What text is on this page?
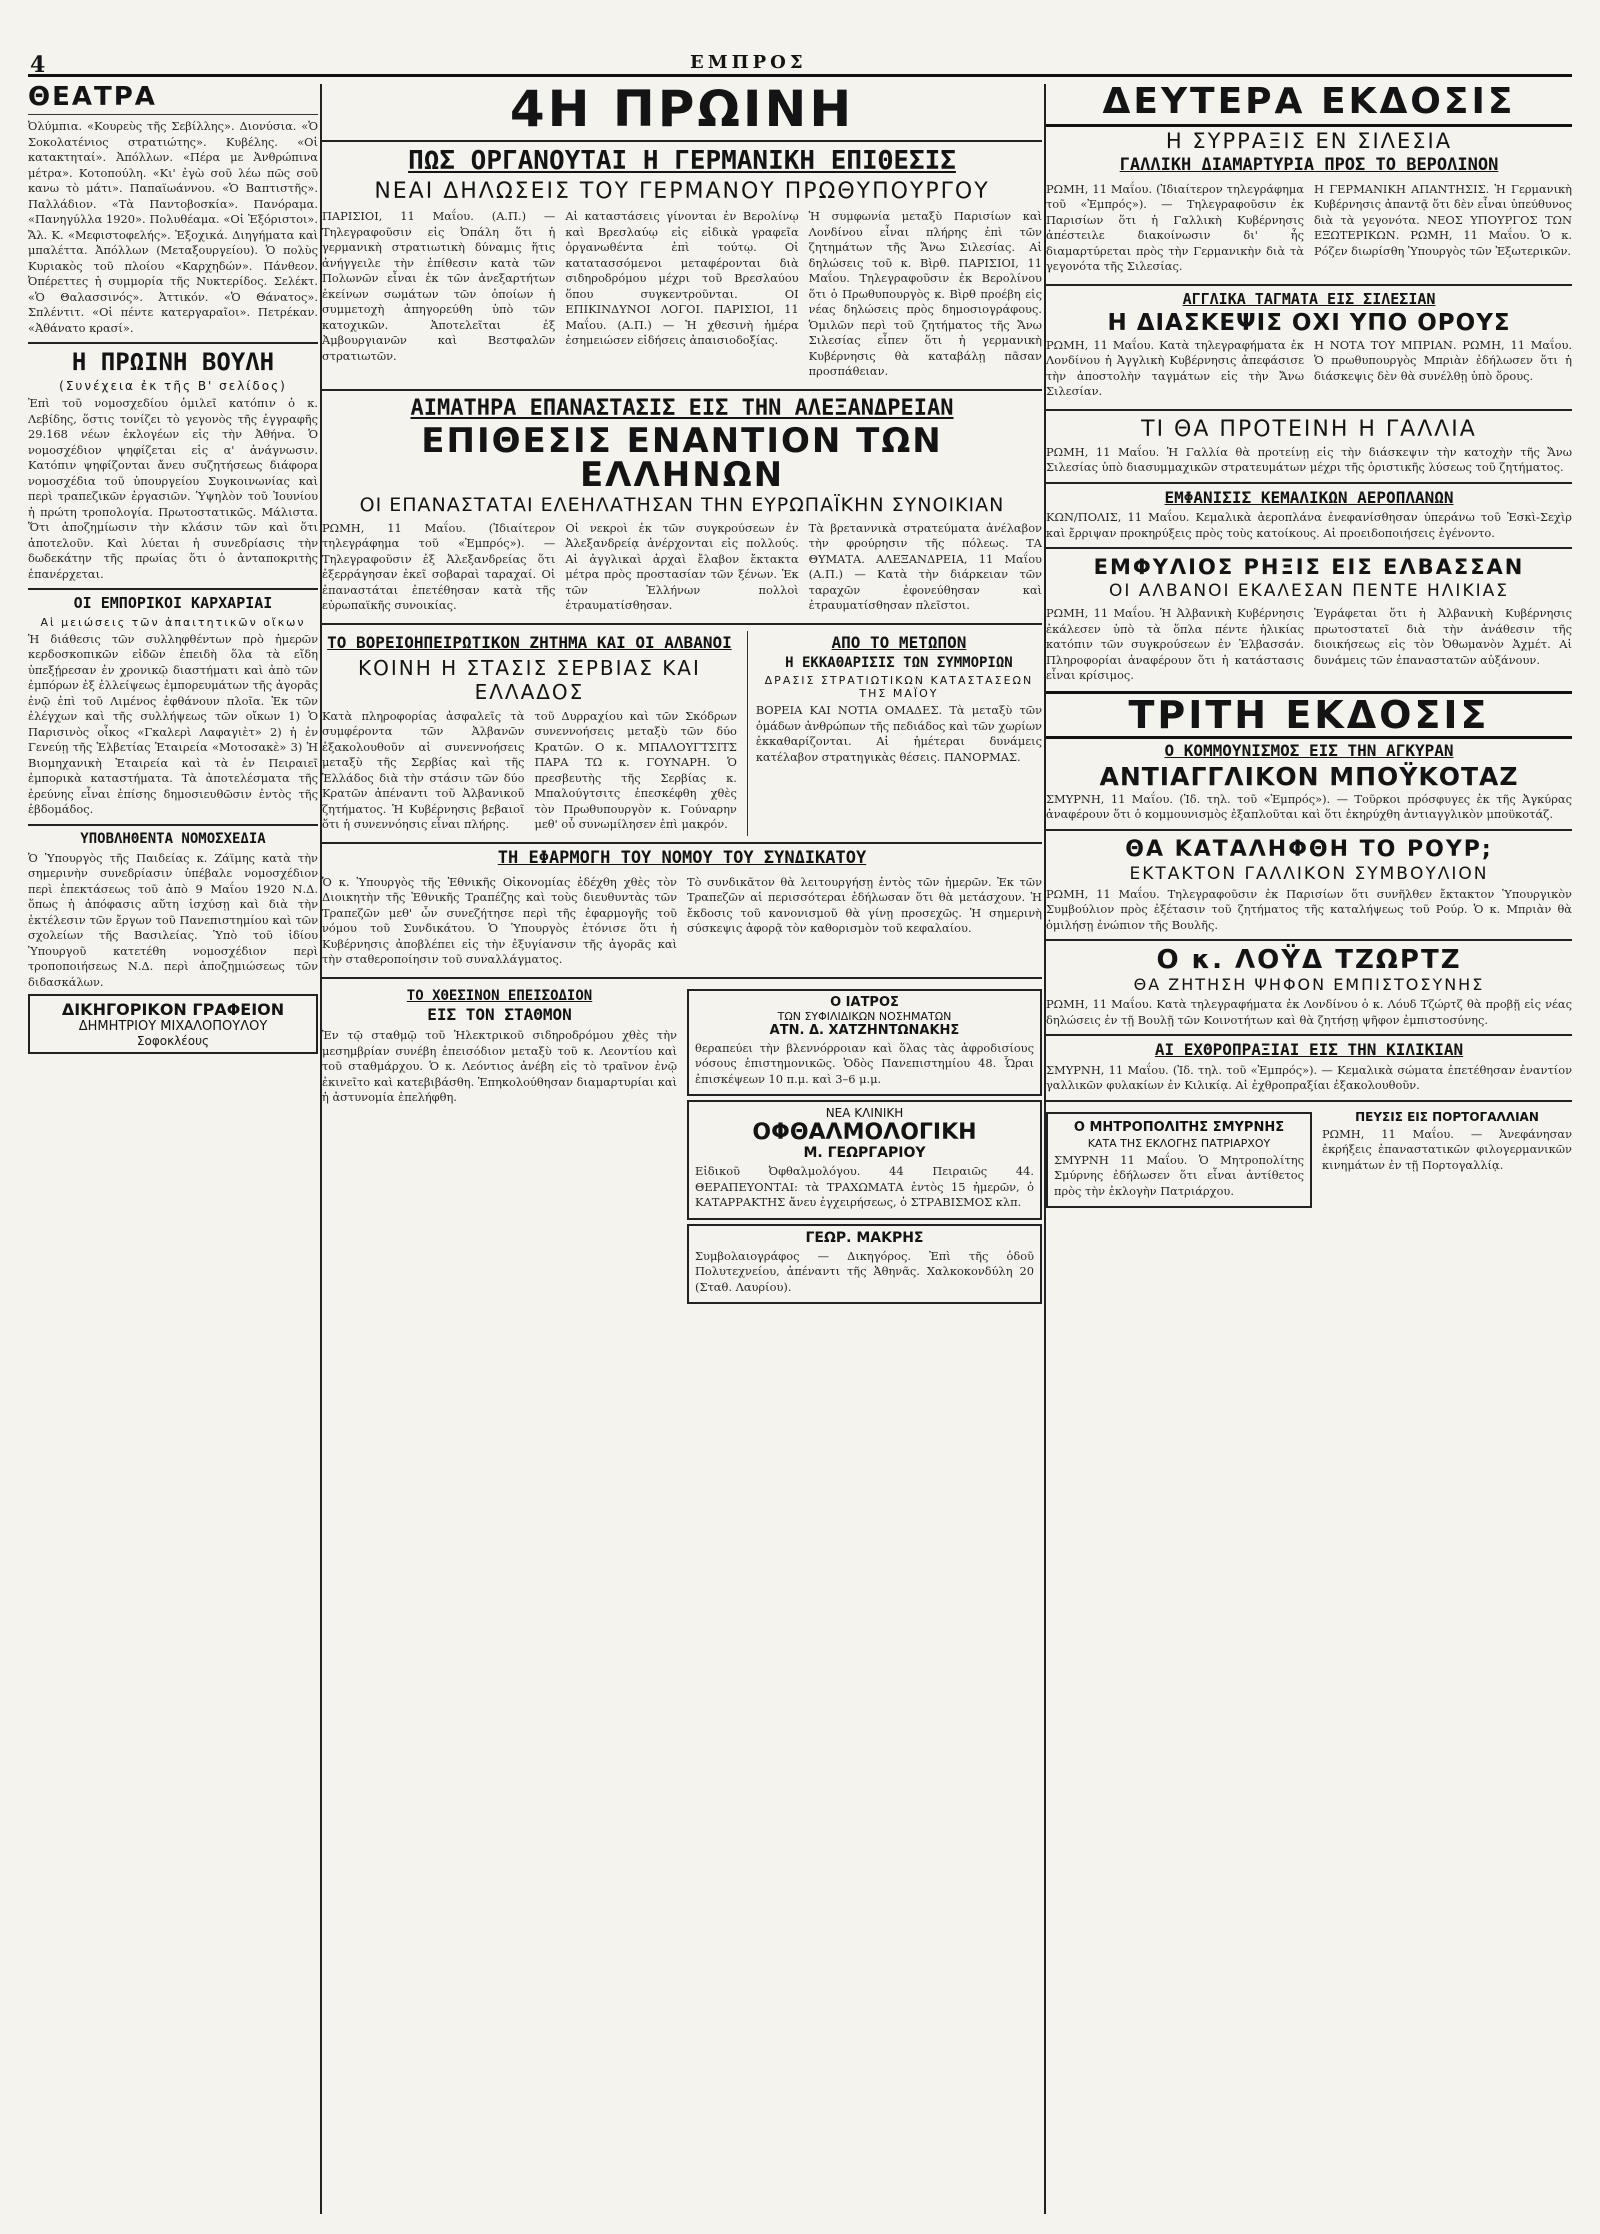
4	ΕΜΠΡΟΣ
ΘΕΑΤΡΑ

Ὀλύμπια. «Κουρεὺς τῆς Σεβίλλης». Διονύσια. «Ὁ Σοκολατένιος στρατιώτης». Κυβέλης. «Οἱ κατακτηταί». Ἀπόλλων. «Πέρα με Ἀνθρώπινα μέτρα». Κοτοπούλη. «Κι' ἐγὼ σοῦ λέω πῶς σοῦ κανω τὸ μάτι». Παπαϊωάννου. «Ὁ Βαπτιστῆς». Παλλάδιον. «Τὰ Παντοβοσκία». Πανόραμα. «Πανηγύλλα 1920». Πολυθέαμα. «Οἱ Ἐξόριστοι». Ἄλ. Κ. «Μεφιστοφελής». Ἐξοχικά. Διηγήματα καὶ μπαλέττα. Ἀπόλλων (Μεταξουργείου). Ὁ πολὺς Κυριακὸς τοῦ πλοίου «Καρχηδών». Πάνθεον. Ὀπέρεττες ἡ συμμορία τῆς Νυκτερίδος. Σελέκτ. «Ὁ Θαλασσινός». Ἀττικόν. «Ὁ Θάνατος». Σπλέντιτ. «Οἱ πέντε κατεργαραῖοι». Πετρέκαν. «Ἀθάνατο κρασί».

Η ΠΡΩΙΝΗ ΒΟΥΛΗ
(Συνέχεια ἐκ τῆς Β' σελίδος)

Ἐπὶ τοῦ νομοσχεδίου ὁμιλεῖ κατόπιν ὁ κ. Λεβίδης, ὅστις τονίζει τὸ γεγονὸς τῆς ἐγγραφῆς 29.168 νέων ἐκλογέων εἰς τὴν Ἀθήνα. Ὁ νομοσχέδιον ψηφίζεται εἰς α' ἀνάγνωσιν. Κατόπιν ψηφίζονται ἄνευ συζητήσεως διάφορα νομοσχέδια τοῦ ὑπουργείου Συγκοινωνίας καὶ περὶ τραπεζικῶν ἐργασιῶν. Ὑψηλὸν τοῦ Ἰουνίου ἡ πρώτη τροπολογία. Πρωτοστατικῶς. Μάλιστα. Ὅτι ἀποζημίωσιν τὴν κλάσιν τῶν καὶ ὅτι ἀποτελοῦν. Καὶ λύεται ἡ συνεδρίασις τὴν δωδεκάτην τῆς πρωίας ὅτι ὁ ἀνταποκριτὴς ἐπανέρχεται.

ΟΙ ΕΜΠΟΡΙΚΟΙ ΚΑΡΧΑΡΙΑΙ
Αἱ μειώσεις τῶν ἀπαιτητικῶν οἴκων

Ἡ διάθεσις τῶν συλληφθέντων πρὸ ἡμερῶν κερδοσκοπικῶν εἰδῶν ἐπειδὴ ὅλα τὰ εἴδη ὑπεξῄρεσαν ἐν χρονικῷ διαστήματι καὶ ἀπὸ τῶν ἐμπόρων ἐξ ἐλλείψεως ἐμπορευμάτων τῆς ἀγορᾶς ἐνῷ ἐπὶ τοῦ Λιμένος ἐφθάνουν πλοῖα. Ἐκ τῶν ἐλέγχων καὶ τῆς συλλήψεως τῶν οἴκων 1) Ὁ Παρισινὸς οἶκος «Γκαλερὶ Λαφαγιὲτ» 2) ἡ ἐν Γενεύῃ τῆς Ἑλβετίας Ἑταιρεία «Μοτοσακὲ» 3) Ἡ Βιομηχανικὴ Ἑταιρεία καὶ τὰ ἐν Πειραιεῖ ἐμπορικὰ καταστήματα. Τὰ ἀποτελέσματα τῆς ἐρεύνης εἶναι ἐπίσης δημοσιευθῶσιν ἐντὸς τῆς ἑβδομάδος.

ΥΠΟΒΛΗΘΕΝΤΑ ΝΟΜΟΣΧΕΔΙΑ

Ὁ Ὑπουργὸς τῆς Παιδείας κ. Ζάϊμης κατὰ τὴν σημερινὴν συνεδρίασιν ὑπέβαλε νομοσχέδιον περὶ ἐπεκτάσεως τοῦ ἀπὸ 9 Μαΐου 1920 Ν.Δ. ὅπως ἡ ἀπόφασις αὕτη ἰσχύσῃ καὶ διὰ τὴν ἐκτέλεσιν τῶν ἔργων τοῦ Πανεπιστημίου καὶ τῶν σχολείων τῆς Βασιλείας. Ὑπὸ τοῦ ἰδίου Ὑπουργοῦ κατετέθη νομοσχέδιον περὶ τροποποιήσεως Ν.Δ. περὶ ἀποζημιώσεως τῶν διδασκάλων.

ΔΙΚΗΓΟΡΙΚΟΝ ΓΡΑΦΕΙΟΝ
ΔΗΜΗΤΡΙΟΥ ΜΙΧΑΛΟΠΟΥΛΟΥ
Σοφοκλέους
4Η ΠΡΩΙΝΗ
ΠΩΣ ΟΡΓΑΝΟΥΤΑΙ Η ΓΕΡΜΑΝΙΚΗ ΕΠΙΘΕΣΙΣ
ΝΕΑΙ ΔΗΛΩΣΕΙΣ ΤΟΥ ΓΕΡΜΑΝΟΥ ΠΡΩΘΥΠΟΥΡΓΟΥ

ΠΑΡΙΣΙΟΙ, 11 Μαΐου. (Α.Π.) — Τηλεγραφοῦσιν εἰς Ὀπάλη ὅτι ἡ γερμανικὴ στρατιωτικὴ δύναμις ἥτις ἀνήγγειλε τὴν ἐπίθεσιν κατὰ τῶν Πολωνῶν εἶναι ἐκ τῶν ἀνεξαρτήτων ἐκείνων σωμάτων τῶν ὁποίων ἡ συμμετοχὴ ἀπηγορεύθη ὑπὸ τῶν κατοχικῶν. Ἀποτελεῖται ἐξ Ἀμβουργιανῶν καὶ Βεστφαλῶν στρατιωτῶν.

Αἱ καταστάσεις γίνονται ἐν Βερολίνῳ καὶ Βρεσλαύῳ εἰς εἰδικὰ γραφεῖα ὀργανωθέντα ἐπὶ τούτῳ. Οἱ κατατασσόμενοι μεταφέρονται διὰ σιδηροδρόμου μέχρι τοῦ Βρεσλαύου ὅπου συγκεντροῦνται. ΟΙ ΕΠΙΚΙΝΔΥΝΟΙ ΛΟΓΟΙ. ΠΑΡΙΣΙΟΙ, 11 Μαΐου. (Α.Π.) — Ἡ χθεσινὴ ἡμέρα ἐσημειώσεν εἰδήσεις ἀπαισιοδοξίας.

Ἡ συμφωνία μεταξὺ Παρισίων καὶ Λονδίνου εἶναι πλήρης ἐπὶ τῶν ζητημάτων τῆς Ἄνω Σιλεσίας. Αἱ δηλώσεις τοῦ κ. Βὶρθ. ΠΑΡΙΣΙΟΙ, 11 Μαΐου. Τηλεγραφοῦσιν ἐκ Βερολίνου ὅτι ὁ Πρωθυπουργὸς κ. Βὶρθ προέβη εἰς νέας δηλώσεις πρὸς δημοσιογράφους. Ὁμιλῶν περὶ τοῦ ζητήματος τῆς Ἄνω Σιλεσίας εἶπεν ὅτι ἡ γερμανικὴ Κυβέρνησις θὰ καταβάλῃ πᾶσαν προσπάθειαν.

ΑΙΜΑΤΗΡΑ ΕΠΑΝΑΣΤΑΣΙΣ ΕΙΣ ΤΗΝ ΑΛΕΞΑΝΔΡΕΙΑΝ
ΕΠΙΘΕΣΙΣ ΕΝΑΝΤΙΟΝ ΤΩΝ ΕΛΛΗΝΩΝ
ΟΙ ΕΠΑΝΑΣΤΑΤΑΙ ΕΛΕΗΛΑΤΗΣΑΝ ΤΗΝ ΕΥΡΩΠΑΪΚΗΝ ΣΥΝΟΙΚΙΑΝ

ΡΩΜΗ, 11 Μαΐου. (Ἰδιαίτερον τηλεγράφημα τοῦ «Ἐμπρός»). — Τηλεγραφοῦσιν ἐξ Ἀλεξανδρείας ὅτι ἐξερράγησαν ἐκεῖ σοβαραὶ ταραχαί. Οἱ ἐπαναστάται ἐπετέθησαν κατὰ τῆς εὐρωπαϊκῆς συνοικίας.

Οἱ νεκροὶ ἐκ τῶν συγκρούσεων ἐν Ἀλεξανδρείᾳ ἀνέρχονται εἰς πολλούς. Αἱ ἀγγλικαὶ ἀρχαὶ ἔλαβον ἔκτακτα μέτρα πρὸς προστασίαν τῶν ξένων. Ἐκ τῶν Ἑλλήνων πολλοὶ ἐτραυματίσθησαν.

Τὰ βρεταννικὰ στρατεύματα ἀνέλαβον τὴν φρούρησιν τῆς πόλεως. ΤΑ ΘΥΜΑΤΑ. ΑΛΕΞΑΝΔΡΕΙΑ, 11 Μαΐου (Α.Π.) — Κατὰ τὴν διάρκειαν τῶν ταραχῶν ἐφονεύθησαν καὶ ἐτραυματίσθησαν πλεῖστοι.

ΤΟ ΒΟΡΕΙΟΗΠΕΙΡΩΤΙΚΟΝ ΖΗΤΗΜΑ ΚΑΙ ΟΙ ΑΛΒΑΝΟΙ
ΚΟΙΝΗ Η ΣΤΑΣΙΣ ΣΕΡΒΙΑΣ ΚΑΙ ΕΛΛΑΔΟΣ

Κατὰ πληροφορίας ἀσφαλεῖς τὰ συμφέροντα τῶν Ἀλβανῶν ἐξακολουθοῦν αἱ συνεννοήσεις μεταξὺ τῆς Σερβίας καὶ τῆς Ἑλλάδος διὰ τὴν στάσιν τῶν δύο Κρατῶν ἀπέναντι τοῦ Ἀλβανικοῦ ζητήματος. Ἡ Κυβέρνησις βεβαιοῖ ὅτι ἡ συνεννόησις εἶναι πλήρης.

τοῦ Δυρραχίου καὶ τῶν Σκόδρων συνεννοήσεις μεταξὺ τῶν δύο Κρατῶν. Ο κ. ΜΠΑΛΟΥΓΤΣΙΤΣ ΠΑΡΑ ΤΩ κ. ΓΟΥΝΑΡΗ. Ὁ πρεσβευτὴς τῆς Σερβίας κ. Μπαλούγτσιτς ἐπεσκέφθη χθὲς τὸν Πρωθυπουργὸν κ. Γούναρην μεθ' οὗ συνωμίλησεν ἐπὶ μακρόν.

ΑΠΟ ΤΟ ΜΕΤΩΠΟΝ
Η ΕΚΚΑΘΑΡΙΣΙΣ ΤΩΝ ΣΥΜΜΟΡΙΩΝ
ΔΡΑΣΙΣ ΣΤΡΑΤΙΩΤΙΚΩΝ ΚΑΤΑΣΤΑΣΕΩΝ ΤΗΣ ΜΑΪΟΥ

ΒΟΡΕΙΑ ΚΑΙ ΝΟΤΙΑ ΟΜΑΔΕΣ. Τὰ μεταξὺ τῶν ὁμάδων ἀνθρώπων τῆς πεδιάδος καὶ τῶν χωρίων ἐκκαθαρίζονται. Αἱ ἡμέτεραι δυνάμεις κατέλαβον στρατηγικὰς θέσεις. ΠΑΝΟΡΜΑΣ.

ΤΗ ΕΦΑΡΜΟΓΗ ΤΟΥ ΝΟΜΟΥ ΤΟΥ ΣΥΝΔΙΚΑΤΟΥ

Ὁ κ. Ὑπουργὸς τῆς Ἐθνικῆς Οἰκονομίας ἐδέχθη χθὲς τὸν Διοικητὴν τῆς Ἐθνικῆς Τραπέζης καὶ τοὺς διευθυντὰς τῶν Τραπεζῶν μεθ' ὧν συνεζήτησε περὶ τῆς ἐφαρμογῆς τοῦ νόμου τοῦ Συνδικάτου. Ὁ Ὑπουργὸς ἐτόνισε ὅτι ἡ Κυβέρνησις ἀποβλέπει εἰς τὴν ἐξυγίανσιν τῆς ἀγορᾶς καὶ τὴν σταθεροποίησιν τοῦ συναλλάγματος.

Τὸ συνδικᾶτον θὰ λειτουργήσῃ ἐντὸς τῶν ἡμερῶν. Ἐκ τῶν Τραπεζῶν αἱ περισσότεραι ἐδήλωσαν ὅτι θὰ μετάσχουν. Ἡ ἔκδοσις τοῦ κανονισμοῦ θὰ γίνῃ προσεχῶς. Ἡ σημερινὴ σύσκεψις ἀφορᾷ τὸν καθορισμὸν τοῦ κεφαλαίου.

ΤΟ ΧΘΕΣΙΝΟΝ ΕΠΕΙΣΟΔΙΟΝ
ΕΙΣ ΤΟΝ ΣΤΑΘΜΟΝ

Ἐν τῷ σταθμῷ τοῦ Ἠλεκτρικοῦ σιδηροδρόμου χθὲς τὴν μεσημβρίαν συνέβη ἐπεισόδιον μεταξὺ τοῦ κ. Λεοντίου καὶ τοῦ σταθμάρχου. Ὁ κ. Λεόντιος ἀνέβη εἰς τὸ τραῖνον ἐνῷ ἐκινεῖτο καὶ κατεβιβάσθη. Ἐπηκολούθησαν διαμαρτυρίαι καὶ ἡ ἀστυνομία ἐπελήφθη.

Ο ΙΑΤΡΟΣ
ΤΩΝ ΣΥΦΙΛΙΔΙΚΩΝ ΝΟΣΗΜΑΤΩΝ
ΑΤΝ. Δ. ΧΑΤΖΗΝΤΩΝΑΚΗΣ

θεραπεύει τὴν βλεννόρροιαν καὶ ὅλας τὰς ἀφροδισίους νόσους ἐπιστημονικῶς. Ὁδὸς Πανεπιστημίου 48. Ὧραι ἐπισκέψεων 10 π.μ. καὶ 3–6 μ.μ.

ΝΕΑ ΚΛΙΝΙΚΗ
ΟΦΘΑΛΜΟΛΟΓΙΚΗ
Μ. ΓΕΩΡΓΑΡΙΟΥ

Εἰδικοῦ Ὀφθαλμολόγου. 44 Πειραιῶς 44. ΘΕΡΑΠΕΥΟΝΤΑΙ: τὰ ΤΡΑΧΩΜΑΤΑ ἐντὸς 15 ἡμερῶν, ὁ ΚΑΤΑΡΡΑΚΤΗΣ ἄνευ ἐγχειρήσεως, ὁ ΣΤΡΑΒΙΣΜΟΣ κλπ.

ΓΕΩΡ. ΜΑΚΡΗΣ

Συμβολαιογράφος — Δικηγόρος. Ἐπὶ τῆς ὁδοῦ Πολυτεχνείου, ἀπέναντι τῆς Ἀθηνᾶς. Χαλκοκονδύλη 20 (Σταθ. Λαυρίου).

ΔΕΥΤΕΡΑ ΕΚΔΟΣΙΣ
Η ΣΥΡΡΑΞΙΣ ΕΝ ΣΙΛΕΣΙΑ
ΓΑΛΛΙΚΗ ΔΙΑΜΑΡΤΥΡΙΑ ΠΡΟΣ ΤΟ ΒΕΡΟΛΙΝΟΝ

ΡΩΜΗ, 11 Μαΐου. (Ἰδιαίτερον τηλεγράφημα τοῦ «Ἐμπρός»). — Τηλεγραφοῦσιν ἐκ Παρισίων ὅτι ἡ Γαλλικὴ Κυβέρνησις ἀπέστειλε διακοίνωσιν δι' ἧς διαμαρτύρεται πρὸς τὴν Γερμανικὴν διὰ τὰ γεγονότα τῆς Σιλεσίας.

Η ΓΕΡΜΑΝΙΚΗ ΑΠΑΝΤΗΣΙΣ. Ἡ Γερμανικὴ Κυβέρνησις ἀπαντᾷ ὅτι δὲν εἶναι ὑπεύθυνος διὰ τὰ γεγονότα. ΝΕΟΣ ΥΠΟΥΡΓΟΣ ΤΩΝ ΕΞΩΤΕΡΙΚΩΝ. ΡΩΜΗ, 11 Μαΐου. Ὁ κ. Ρόζεν διωρίσθη Ὑπουργὸς τῶν Ἐξωτερικῶν.

ΑΓΓΛΙΚΑ ΤΑΓΜΑΤΑ ΕΙΣ ΣΙΛΕΣΙΑΝ
Η ΔΙΑΣΚΕΨΙΣ ΟΧΙ ΥΠΟ ΟΡΟΥΣ

ΡΩΜΗ, 11 Μαΐου. Κατὰ τηλεγραφήματα ἐκ Λονδίνου ἡ Ἀγγλικὴ Κυβέρνησις ἀπεφάσισε τὴν ἀποστολὴν ταγμάτων εἰς τὴν Ἄνω Σιλεσίαν.

Η ΝΟΤΑ ΤΟΥ ΜΠΡΙΑΝ. ΡΩΜΗ, 11 Μαΐου. Ὁ πρωθυπουργὸς Μπριὰν ἐδήλωσεν ὅτι ἡ διάσκεψις δὲν θὰ συνέλθῃ ὑπὸ ὅρους.

ΤΙ ΘΑ ΠΡΟΤΕΙΝΗ Η ΓΑΛΛΙΑ

ΡΩΜΗ, 11 Μαΐου. Ἡ Γαλλία θὰ προτείνῃ εἰς τὴν διάσκεψιν τὴν κατοχὴν τῆς Ἄνω Σιλεσίας ὑπὸ διασυμμαχικῶν στρατευμάτων μέχρι τῆς ὁριστικῆς λύσεως τοῦ ζητήματος.

ΕΜΦΑΝΙΣΙΣ ΚΕΜΑΛΙΚΩΝ ΑΕΡΟΠΛΑΝΩΝ

ΚΩΝ/ΠΟΛΙΣ, 11 Μαΐου. Κεμαλικὰ ἀεροπλάνα ἐνεφανίσθησαν ὑπεράνω τοῦ Ἐσκὶ-Σεχὶρ καὶ ἔρριψαν προκηρύξεις πρὸς τοὺς κατοίκους. Αἱ προειδοποιήσεις ἐγένοντο.

ΕΜΦΥΛΙΟΣ ΡΗΞΙΣ ΕΙΣ ΕΛΒΑΣΣΑΝ
ΟΙ ΑΛΒΑΝΟΙ ΕΚΑΛΕΣΑΝ ΠΕΝΤΕ ΗΛΙΚΙΑΣ

ΡΩΜΗ, 11 Μαΐου. Ἡ Ἀλβανικὴ Κυβέρνησις ἐκάλεσεν ὑπὸ τὰ ὅπλα πέντε ἡλικίας κατόπιν τῶν συγκρούσεων ἐν Ἐλβασσάν. Πληροφορίαι ἀναφέρουν ὅτι ἡ κατάστασις εἶναι κρίσιμος.

Ἐγράφεται ὅτι ἡ Ἀλβανικὴ Κυβέρνησις πρωτοστατεῖ διὰ τὴν ἀνάθεσιν τῆς διοικήσεως εἰς τὸν Ὀθωμανὸν Ἀχμέτ. Αἱ δυνάμεις τῶν ἐπαναστατῶν αὐξάνουν.

ΤΡΙΤΗ ΕΚΔΟΣΙΣ
Ο ΚΟΜΜΟΥΝΙΣΜΟΣ ΕΙΣ ΤΗΝ ΑΓΚΥΡΑΝ
ΑΝΤΙΑΓΓΛΙΚΟΝ ΜΠΟΫΚΟΤΑΖ

ΣΜΥΡΝΗ, 11 Μαΐου. (Ἰδ. τηλ. τοῦ «Ἐμπρός»). — Τοῦρκοι πρόσφυγες ἐκ τῆς Ἀγκύρας ἀναφέρουν ὅτι ὁ κομμουνισμὸς ἐξαπλοῦται καὶ ὅτι ἐκηρύχθη ἀντιαγγλικὸν μποϋκοτάζ.

ΘΑ ΚΑΤΑΛΗΦΘΗ ΤΟ ΡΟΥΡ;
ΕΚΤΑΚΤΟΝ ΓΑΛΛΙΚΟΝ ΣΥΜΒΟΥΛΙΟΝ

ΡΩΜΗ, 11 Μαΐου. Τηλεγραφοῦσιν ἐκ Παρισίων ὅτι συνῆλθεν ἔκτακτον Ὑπουργικὸν Συμβούλιον πρὸς ἐξέτασιν τοῦ ζητήματος τῆς καταλήψεως τοῦ Ρούρ. Ὁ κ. Μπριὰν θὰ ὁμιλήσῃ ἐνώπιον τῆς Βουλῆς.

Ο κ. ΛΟΫΔ ΤΖΩΡΤΖ
ΘΑ ΖΗΤΗΣΗ ΨΗΦΟΝ ΕΜΠΙΣΤΟΣΥΝΗΣ

ΡΩΜΗ, 11 Μαΐου. Κατὰ τηλεγραφήματα ἐκ Λονδίνου ὁ κ. Λόυδ Τζώρτζ θὰ προβῇ εἰς νέας δηλώσεις ἐν τῇ Βουλῇ τῶν Κοινοτήτων καὶ θὰ ζητήσῃ ψῆφον ἐμπιστοσύνης.

ΑΙ ΕΧΘΡΟΠΡΑΞΙΑΙ ΕΙΣ ΤΗΝ ΚΙΛΙΚΙΑΝ

ΣΜΥΡΝΗ, 11 Μαΐου. (Ἰδ. τηλ. τοῦ «Ἐμπρός»). — Κεμαλικὰ σώματα ἐπετέθησαν ἐναντίον γαλλικῶν φυλακίων ἐν Κιλικίᾳ. Αἱ ἐχθροπραξίαι ἐξακολουθοῦν.

Ο ΜΗΤΡΟΠΟΛΙΤΗΣ ΣΜΥΡΝΗΣ
ΚΑΤΑ ΤΗΣ ΕΚΛΟΓΗΣ ΠΑΤΡΙΑΡΧΟΥ

ΣΜΥΡΝΗ 11 Μαΐου. Ὁ Μητροπολίτης Σμύρνης ἐδήλωσεν ὅτι εἶναι ἀντίθετος πρὸς τὴν ἐκλογὴν Πατριάρχου.

ΠΕΥΣΙΣ ΕΙΣ ΠΟΡΤΟΓΑΛΛΙΑΝ

ΡΩΜΗ, 11 Μαΐου. — Ἀνεφάνησαν ἐκρήξεις ἐπαναστατικῶν φιλογερμανικῶν κινημάτων ἐν τῇ Πορτογαλλίᾳ.
